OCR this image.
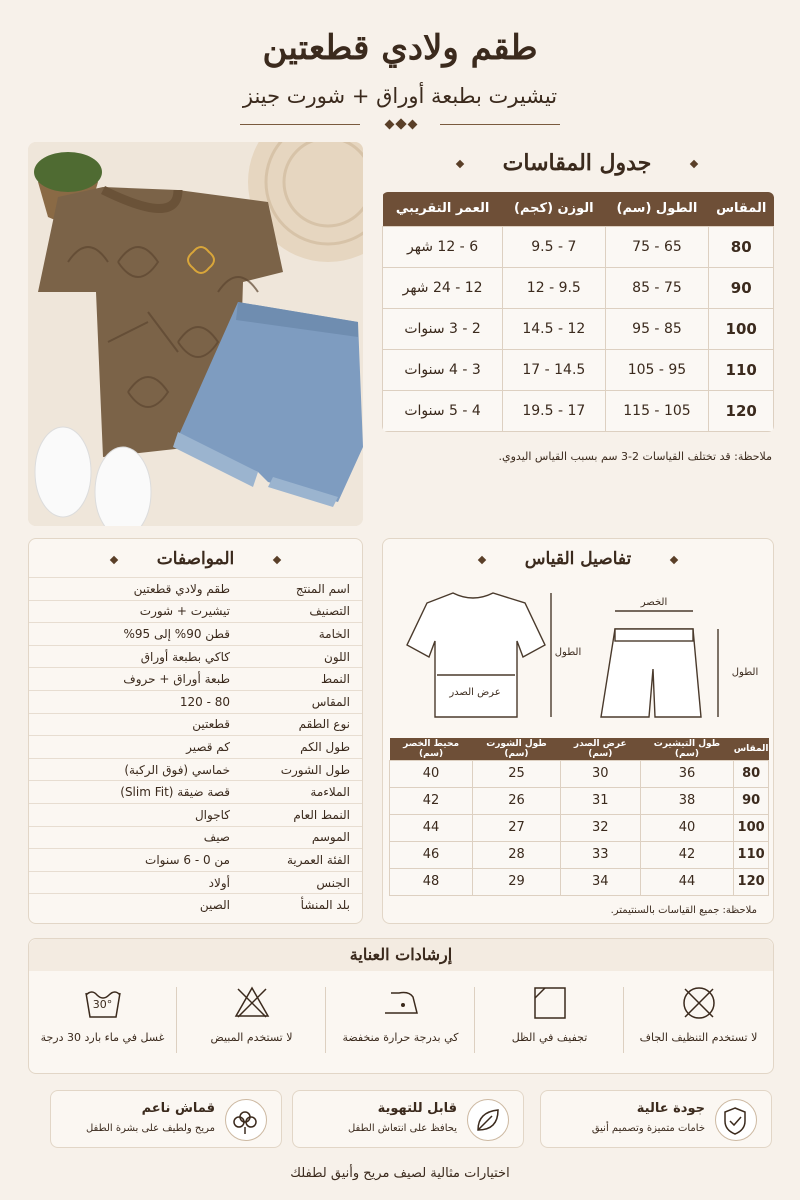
طقم ولادي قطعتين
تيشيرت بطبعة أوراق + شورت جينز
جدول المقاسات
المقاس	الطول (سم)	الوزن (كجم)	العمر التقريبي
80	65 - 75	7 - 9.5	6 - 12 شهر
90	75 - 85	9.5 - 12	12 - 24 شهر
100	85 - 95	12 - 14.5	2 - 3 سنوات
110	95 - 105	14.5 - 17	3 - 4 سنوات
120	105 - 115	17 - 19.5	4 - 5 سنوات
ملاحظة: قد تختلف القياسات 2-3 سم بسبب القياس اليدوي.
المواصفات
اسم المنتج	طقم ولادي قطعتين
التصنيف	تيشيرت + شورت
الخامة	قطن 90% إلى 95%
اللون	كاكي بطبعة أوراق
النمط	طبعة أوراق + حروف
المقاس	80 - 120
نوع الطقم	قطعتين
طول الكم	كم قصير
طول الشورت	خماسي (فوق الركبة)
الملاءمة	قصة ضيقة (Slim Fit)
النمط العام	كاجوال
الموسم	صيف
الفئة العمرية	من 0 - 6 سنوات
الجنس	أولاد
بلد المنشأ	الصين
تفاصيل القياس
الخصر
الطول
عرض الصدر
الطول
المقاس	طول التيشيرت (سم)	عرض الصدر (سم)	طول الشورت (سم)	محيط الخصر (سم)
80	36	30	25	40
90	38	31	26	42
100	40	32	27	44
110	42	33	28	46
120	44	34	29	48
ملاحظة: جميع القياسات بالسنتيمتر.
إرشادات العناية
لا تستخدم التنظيف الجاف
تجفيف في الظل
كي بدرجة حرارة منخفضة
لا تستخدم المبيض
30°
غسل في ماء بارد 30 درجة
جودة عالية
خامات متميزة وتصميم أنيق
قابل للتهوية
يحافظ على انتعاش الطفل
قماش ناعم
مريح ولطيف على بشرة الطفل
اختيارات مثالية لصيف مريح وأنيق لطفلك
